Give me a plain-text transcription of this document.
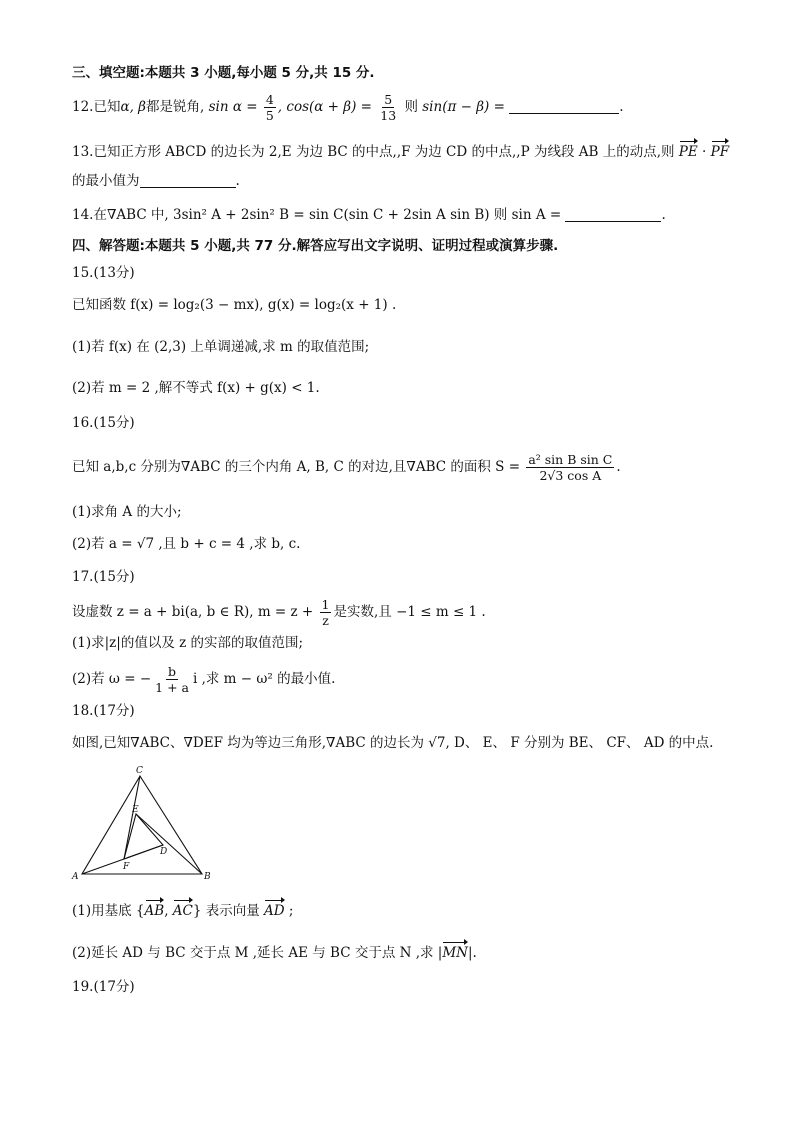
三、填空题:本题共 3 小题,每小题 5 分,共 15 分.
12.已知α, β都是锐角, $\sin \alpha = \frac{4}{5}$ , $\cos(\alpha + \beta) = \frac{5}{13}$ 则 sin(π − β) =	.
13.已知正方形 ABCD 的边长为 2,E 为边 BC 的中点,,F 为边 CD 的中点,,P 为线段 AB 上的动点,则 PE · PF
的最小值为	.
14.在∇ABC 中, 3sin² A + 2sin² B = sin C(sin C + 2sin A sin B) 则 sin A =	.
四、解答题:本题共 5 小题,共 77 分.解答应写出文字说明、证明过程或演算步骤.
15.(13分)
已知函数 f(x) = log₂(3 − mx), g(x) = log₂(x + 1) .
(1)若 f(x) 在 (2,3) 上单调递减,求 m 的取值范围;
(2)若 m = 2 ,解不等式 f(x) + g(x) < 1.
16.(15分)
已知 a,b,c 分别为∇ABC 的三个内角 A, B, C 的对边,且∇ABC 的面积 $S = \frac{\text{a² sin B sin C}}{\text{2√3 cos A}}$ .
(1)求角 A 的大小;
(2)若 a = √7 ,且 b + c = 4 ,求 b, c.
17.(15分)
设虚数 z = a + bi(a, b ∈ R), $m = z + \frac{1}{z}$ 是实数,且 −1 ≤ m ≤ 1 .
(1)求|z|的值以及 z 的实部的取值范围;
(2)若 ω = − $\frac{b}{1 + a}$ i ,求 m − ω² 的最小值.
18.(17分)
如图,已知∇ABC、∇DEF 均为等边三角形,∇ABC 的边长为 √7, D、 E、 F 分别为 BE、 CF、 AD 的中点.
C
A	B
E
D
F
(1)用基底 {AB, AC} 表示向量 AD ;
(2)延长 AD 与 BC 交于点 M ,延长 AE 与 BC 交于点 N ,求 |MN|.
19.(17分)
